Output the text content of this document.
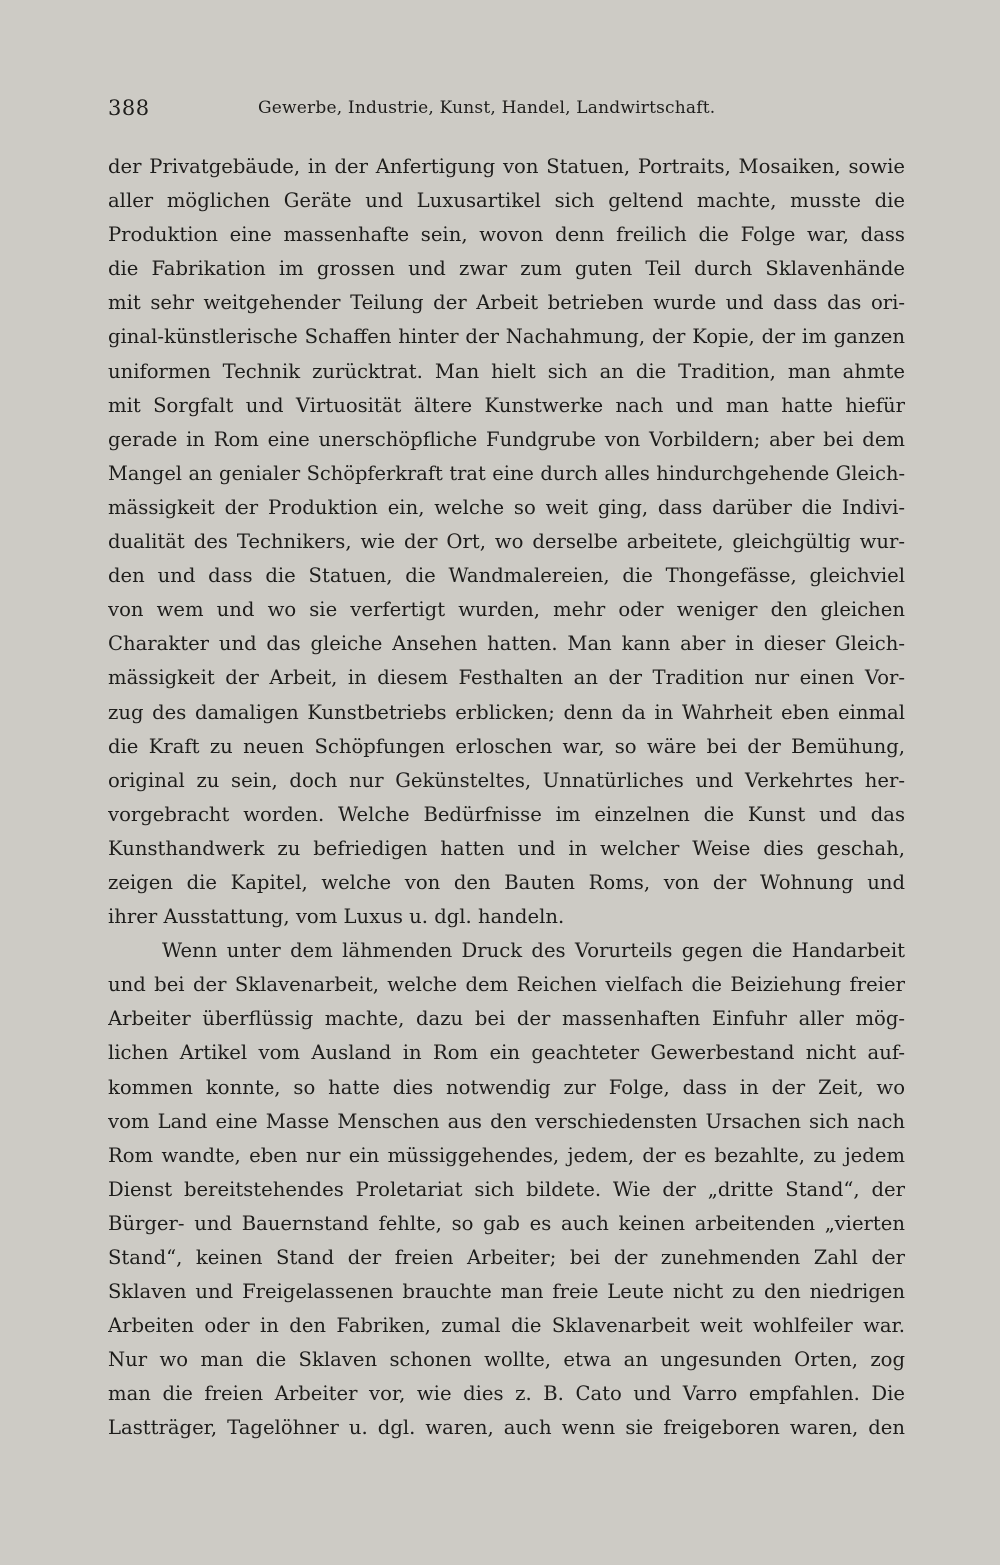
388	Gewerbe, Industrie, Kunst, Handel, Landwirtschaft.
der Privatgebäude, in der Anfertigung von Statuen, Portraits, Mosaiken, sowie
aller möglichen Geräte und Luxusartikel sich geltend machte, musste die
Produktion eine massenhafte sein, wovon denn freilich die Folge war, dass
die Fabrikation im grossen und zwar zum guten Teil durch Sklavenhände
mit sehr weitgehender Teilung der Arbeit betrieben wurde und dass das ori-
ginal-künstlerische Schaffen hinter der Nachahmung, der Kopie, der im ganzen
uniformen Technik zurücktrat. Man hielt sich an die Tradition, man ahmte
mit Sorgfalt und Virtuosität ältere Kunstwerke nach und man hatte hiefür
gerade in Rom eine unerschöpfliche Fundgrube von Vorbildern; aber bei dem
Mangel an genialer Schöpferkraft trat eine durch alles hindurchgehende Gleich-
mässigkeit der Produktion ein, welche so weit ging, dass darüber die Indivi-
dualität des Technikers, wie der Ort, wo derselbe arbeitete, gleichgültig wur-
den und dass die Statuen, die Wandmalereien, die Thongefässe, gleichviel
von wem und wo sie verfertigt wurden, mehr oder weniger den gleichen
Charakter und das gleiche Ansehen hatten. Man kann aber in dieser Gleich-
mässigkeit der Arbeit, in diesem Festhalten an der Tradition nur einen Vor-
zug des damaligen Kunstbetriebs erblicken; denn da in Wahrheit eben einmal
die Kraft zu neuen Schöpfungen erloschen war, so wäre bei der Bemühung,
original zu sein, doch nur Gekünsteltes, Unnatürliches und Verkehrtes her-
vorgebracht worden. Welche Bedürfnisse im einzelnen die Kunst und das
Kunsthandwerk zu befriedigen hatten und in welcher Weise dies geschah,
zeigen die Kapitel, welche von den Bauten Roms, von der Wohnung und
ihrer Ausstattung, vom Luxus u. dgl. handeln.
Wenn unter dem lähmenden Druck des Vorurteils gegen die Handarbeit
und bei der Sklavenarbeit, welche dem Reichen vielfach die Beiziehung freier
Arbeiter überflüssig machte, dazu bei der massenhaften Einfuhr aller mög-
lichen Artikel vom Ausland in Rom ein geachteter Gewerbestand nicht auf-
kommen konnte, so hatte dies notwendig zur Folge, dass in der Zeit, wo
vom Land eine Masse Menschen aus den verschiedensten Ursachen sich nach
Rom wandte, eben nur ein müssiggehendes, jedem, der es bezahlte, zu jedem
Dienst bereitstehendes Proletariat sich bildete. Wie der „dritte Stand“, der
Bürger- und Bauernstand fehlte, so gab es auch keinen arbeitenden „vierten
Stand“, keinen Stand der freien Arbeiter; bei der zunehmenden Zahl der
Sklaven und Freigelassenen brauchte man freie Leute nicht zu den niedrigen
Arbeiten oder in den Fabriken, zumal die Sklavenarbeit weit wohlfeiler war.
Nur wo man die Sklaven schonen wollte, etwa an ungesunden Orten, zog
man die freien Arbeiter vor, wie dies z. B. Cato und Varro empfahlen. Die
Lastträger, Tagelöhner u. dgl. waren, auch wenn sie freigeboren waren, den
